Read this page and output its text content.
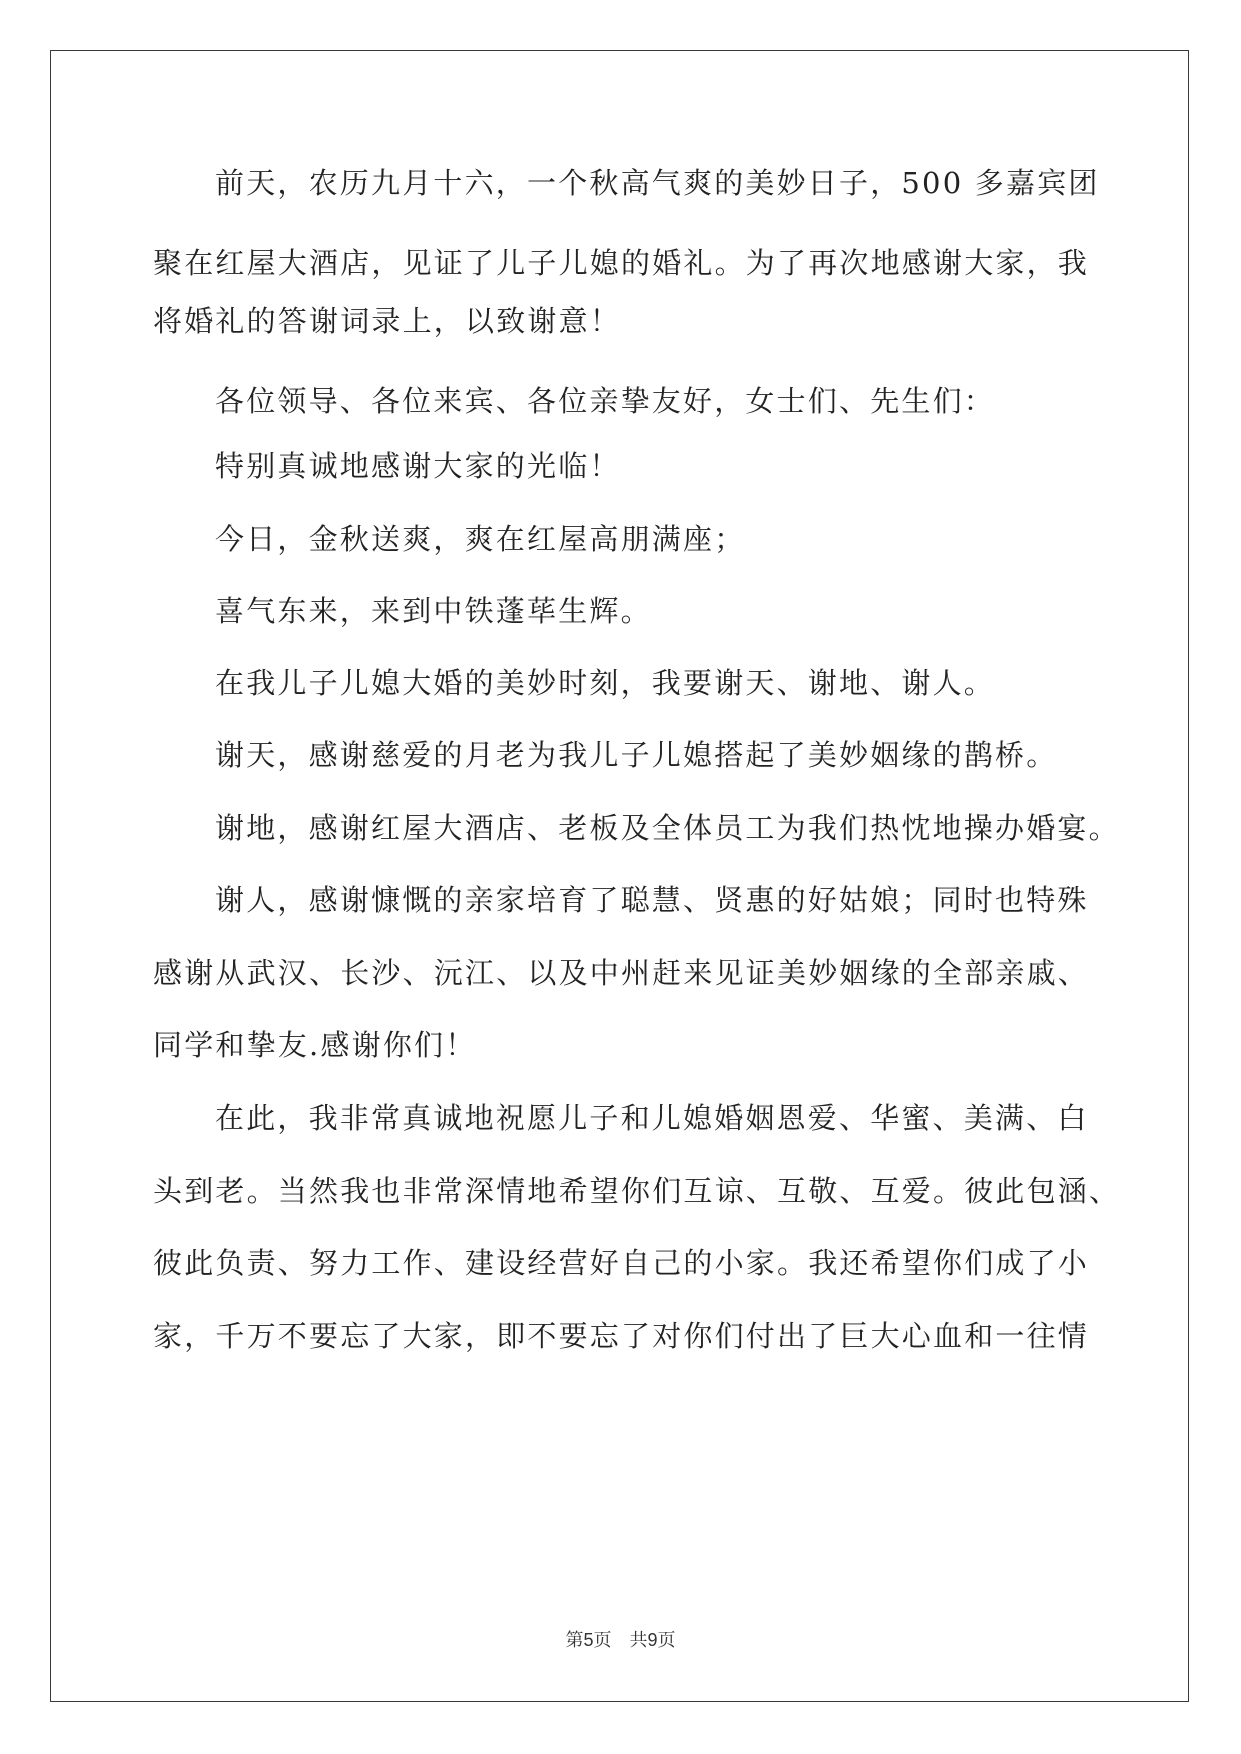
前天，农历九月十六，一个秋高气爽的美妙日子，500 多嘉宾团
聚在红屋大酒店，见证了儿子儿媳的婚礼。为了再次地感谢大家，我
将婚礼的答谢词录上，以致谢意！
各位领导、各位来宾、各位亲挚友好，女士们、先生们：
特别真诚地感谢大家的光临！
今日，金秋送爽，爽在红屋高朋满座；
喜气东来，来到中铁蓬荜生辉。
在我儿子儿媳大婚的美妙时刻，我要谢天、谢地、谢人。
谢天，感谢慈爱的月老为我儿子儿媳搭起了美妙姻缘的鹊桥。
谢地，感谢红屋大酒店、老板及全体员工为我们热忱地操办婚宴。
谢人，感谢慷慨的亲家培育了聪慧、贤惠的好姑娘；同时也特殊
感谢从武汉、长沙、沅江、以及中州赶来见证美妙姻缘的全部亲戚、
同学和挚友.感谢你们！
在此，我非常真诚地祝愿儿子和儿媳婚姻恩爱、华蜜、美满、白
头到老。当然我也非常深情地希望你们互谅、互敬、互爱。彼此包涵、
彼此负责、努力工作、建设经营好自己的小家。我还希望你们成了小
家，千万不要忘了大家，即不要忘了对你们付出了巨大心血和一往情
第5页　共9页
